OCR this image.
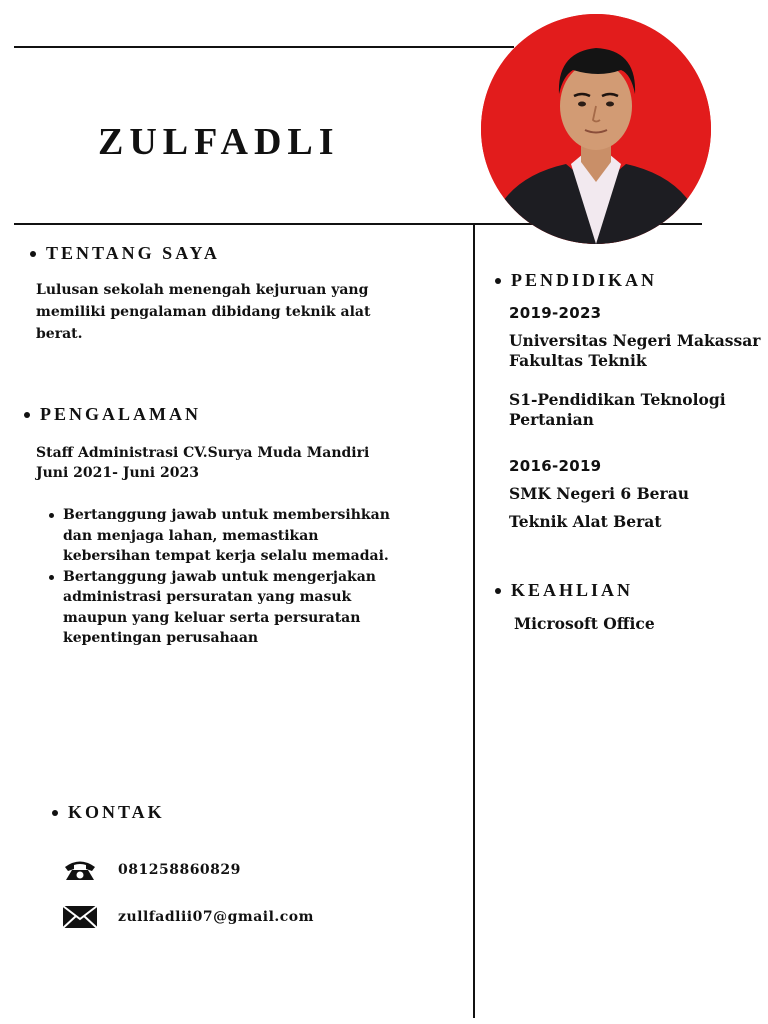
ZULFADLI
TENTANG SAYA
Lulusan sekolah menengah kejuruan yang memiliki pengalaman dibidang teknik alat berat.
PENGALAMAN
Staff Administrasi CV.Surya Muda Mandiri
Juni 2021- Juni 2023
Bertanggung jawab untuk membersihkan dan menjaga lahan, memastikan kebersihan tempat kerja selalu memadai.
Bertanggung jawab untuk mengerjakan administrasi persuratan yang masuk maupun yang keluar serta persuratan kepentingan perusahaan
KONTAK
081258860829
zullfadlii07@gmail.com
PENDIDIKAN
2019-2023
Universitas Negeri Makassar Fakultas Teknik
S1-Pendidikan Teknologi Pertanian
2016-2019
SMK Negeri 6 Berau
Teknik Alat Berat
KEAHLIAN
Microsoft Office
